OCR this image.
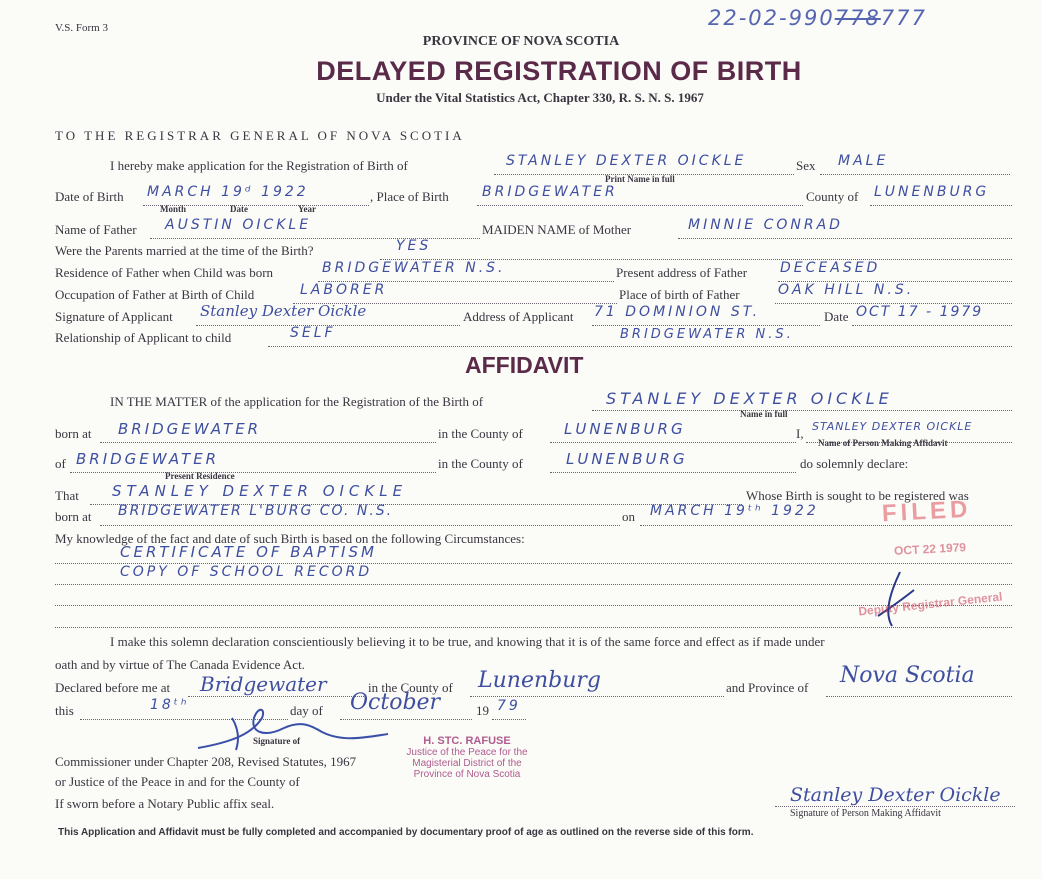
V.S. Form 3	22-02-990778777
PROVINCE OF NOVA SCOTIA
DELAYED REGISTRATION OF BIRTH
Under the Vital Statistics Act, Chapter 330, R. S. N. S. 1967
TO THE REGISTRAR GENERAL OF NOVA SCOTIA
I hereby make application for the Registration of Birth of	STANLEY DEXTER OICKLE
Print Name in full
Sex MALE
Date of Birth MARCH 19ᵈ 1922
Month	Date	Year
, Place of Birth BRIDGEWATER	County of LUNENBURG
Name of Father AUSTIN OICKLE	MAIDEN NAME of Mother	MINNIE CONRAD
Were the Parents married at the time of the Birth?	YES
Residence of Father when Child was born	BRIDGEWATER N.S.	Present address of Father DECEASED
Occupation of Father at Birth of Child	LABORER	Place of birth of Father	OAK HILL N.S.
Signature of Applicant Stanley Dexter Oickle	Address of Applicant 71 DOMINION ST.	Date OCT 17 - 1979
Relationship of Applicant to child	SELF	BRIDGEWATER N.S.
AFFIDAVIT
IN THE MATTER of the application for the Registration of the Birth of	STANLEY DEXTER OICKLE
Name in full
born at BRIDGEWATER	in the County of	LUNENBURG	I, STANLEY DEXTER OICKLE
Name of Person Making Affidavit
of BRIDGEWATER
Present Residence
in the County of	LUNENBURG	do solemnly declare:
That STANLEY DEXTER OICKLE	Whose Birth is sought to be registered was
born at BRIDGEWATER L'BURG CO. N.S.	on MARCH 19ᵗʰ 1922
My knowledge of the fact and date of such Birth is based on the following Circumstances:
CERTIFICATE OF BAPTISM
COPY OF SCHOOL RECORD
FILED
OCT 22 1979
Deputy Registrar General
I make this solemn declaration conscientiously believing it to be true, and knowing that it is of the same force and effect as if made under
oath and by virtue of The Canada Evidence Act.
Declared before me at Bridgewater	in the County of Lunenburg	and Province of Nova Scotia
this	18ᵗʰ	day of October	19 79
Signature of
Commissioner under Chapter 208, Revised Statutes, 1967
or Justice of the Peace in and for the County of
If sworn before a Notary Public affix seal.
H. STC. RAFUSE
Justice of the Peace for the
Magisterial District of the
Province of Nova Scotia
Stanley Dexter Oickle
Signature of Person Making Affidavit
This Application and Affidavit must be fully completed and accompanied by documentary proof of age as outlined on the reverse side of this form.
